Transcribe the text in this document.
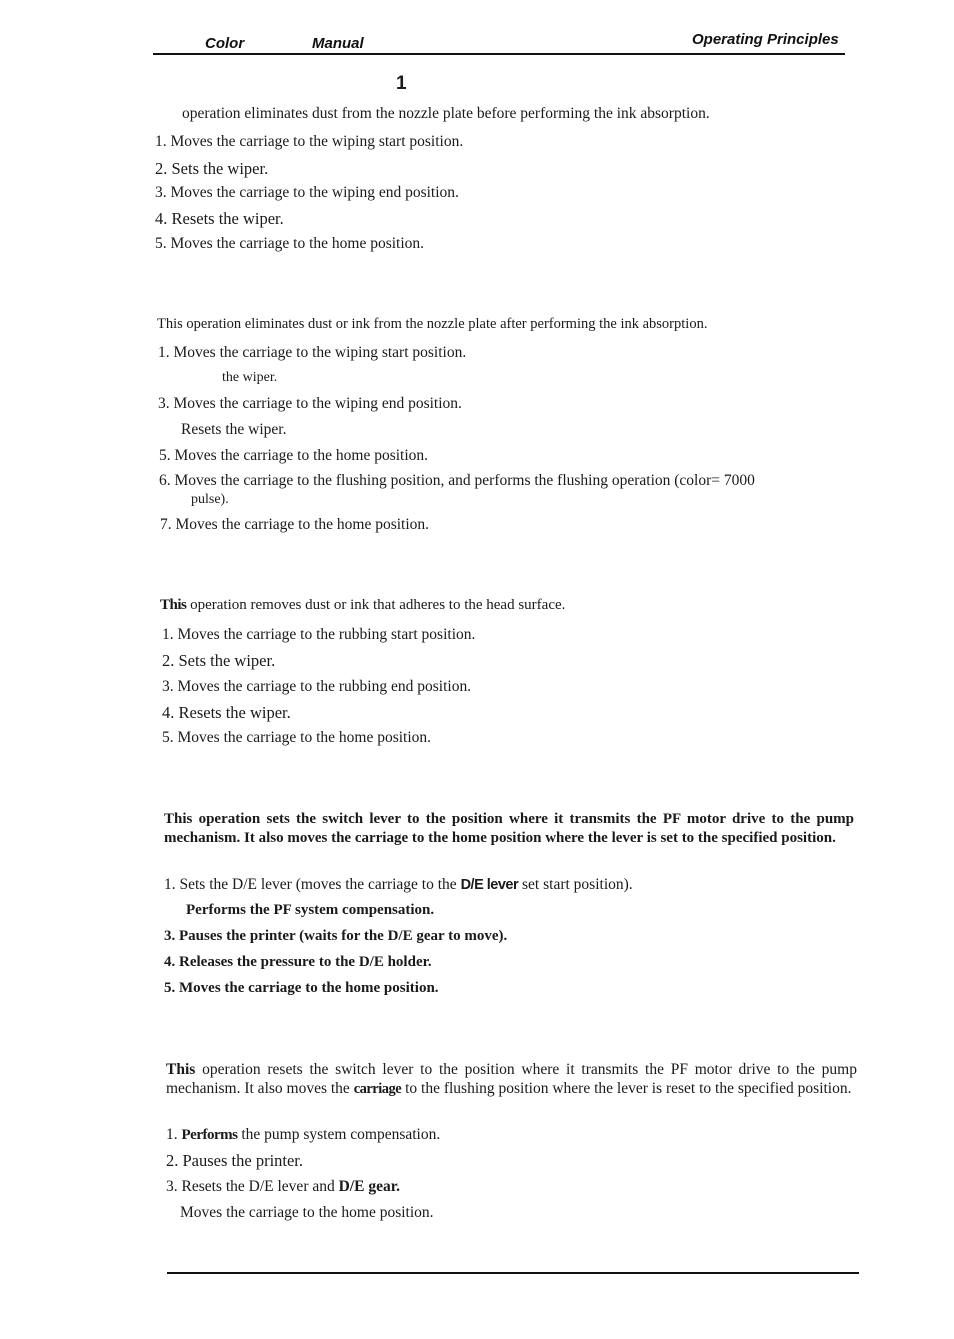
Color	Manual	Operating Principles
1
operation eliminates dust from the nozzle plate before performing the ink absorption.
1. Moves the carriage to the wiping start position.
2. Sets the wiper.
3. Moves the carriage to the wiping end position.
4. Resets the wiper.
5. Moves the carriage to the home position.
This operation eliminates dust or ink from the nozzle plate after performing the ink absorption.
1. Moves the carriage to the wiping start position.
the wiper.
3. Moves the carriage to the wiping end position.
Resets the wiper.
5. Moves the carriage to the home position.
6. Moves the carriage to the flushing position, and performs the flushing operation (color= 7000
pulse).
7. Moves the carriage to the home position.
This operation removes dust or ink that adheres to the head surface.
1. Moves the carriage to the rubbing start position.
2. Sets the wiper.
3. Moves the carriage to the rubbing end position.
4. Resets the wiper.
5. Moves the carriage to the home position.
This operation sets the switch lever to the position where it transmits the PF motor drive to the pump mechanism. It also moves the carriage to the home position where the lever is set to the specified position.
1. Sets the D/E lever (moves the carriage to the D/E lever set start position).
Performs the PF system compensation.
3. Pauses the printer (waits for the D/E gear to move).
4. Releases the pressure to the D/E holder.
5. Moves the carriage to the home position.
This operation resets the switch lever to the position where it transmits the PF motor drive to the pump mechanism. It also moves the carriage to the flushing position where the lever is reset to the specified position.
1. Performs the pump system compensation.
2. Pauses the printer.
3. Resets the D/E lever and D/E gear.
Moves the carriage to the home position.
